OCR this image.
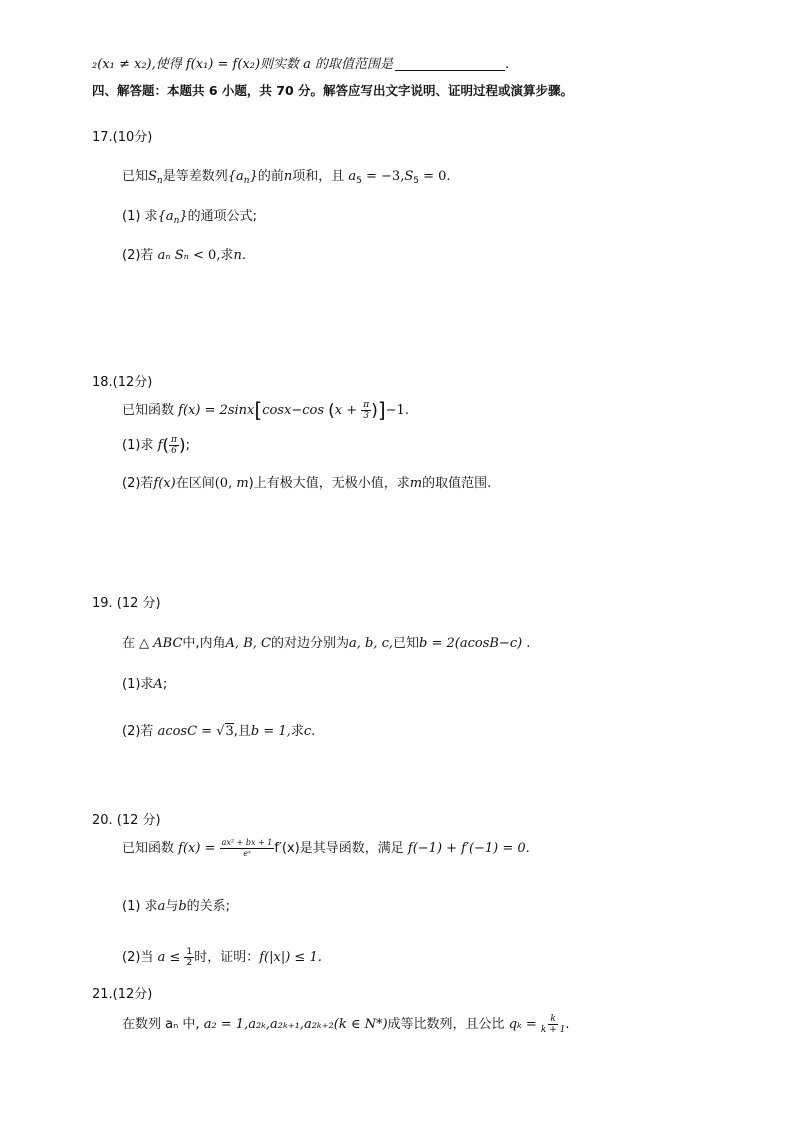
₂(x₁ ≠ x₂),使得 f(x₁) = f(x₂)则实数 a 的取值范围是	.
四、解答题：本题共 6 小题，共 70 分。解答应写出文字说明、证明过程或演算步骤。
17.(10分)
已知$S_n$是等差数列$\{a_n\}$的前n项和，且 $a_5 = -3,S_5 = 0$.
(1) 求$\{a_n\}$的通项公式;
(2)若 aₙ Sₙ < 0,求n.
18.(12分)
已知函数 f(x) = 2sinx[cosx−cos $(x + \frac{\pi}{3} )]-1$.
(1)求 $f( \frac{\pi}{6}$ );
(2)若f(x)在区间(0, m)上有极大值，无极小值，求m的取值范围.
19. (12 分)
在 △ ABC中,内角A, B, C的对边分别为a, b, c,已知b = 2(acosB−c) .
(1)求A;
(2)若 acosC = √3,且b = 1,求c.
20. (12 分)
已知函数 $f(x) = \frac{\text{ax² + bx + 1}}{\text{eˣ}} f'(x)$是其导函数，满足 f(−1) + f′(−1) = 0.
(1) 求a与b的关系;
(2)当 $a \le \frac{1}{2}$ 时，证明：f(|x|) ≤ 1.
21.(12分)
在数列 aₙ 中, a₂ = 1,a₂ₖ,a₂ₖ₊₁,a₂ₖ₊₂(k ∈ N*)成等比数列，且公比 $q_k = \frac{k}{k + 1}$ .
